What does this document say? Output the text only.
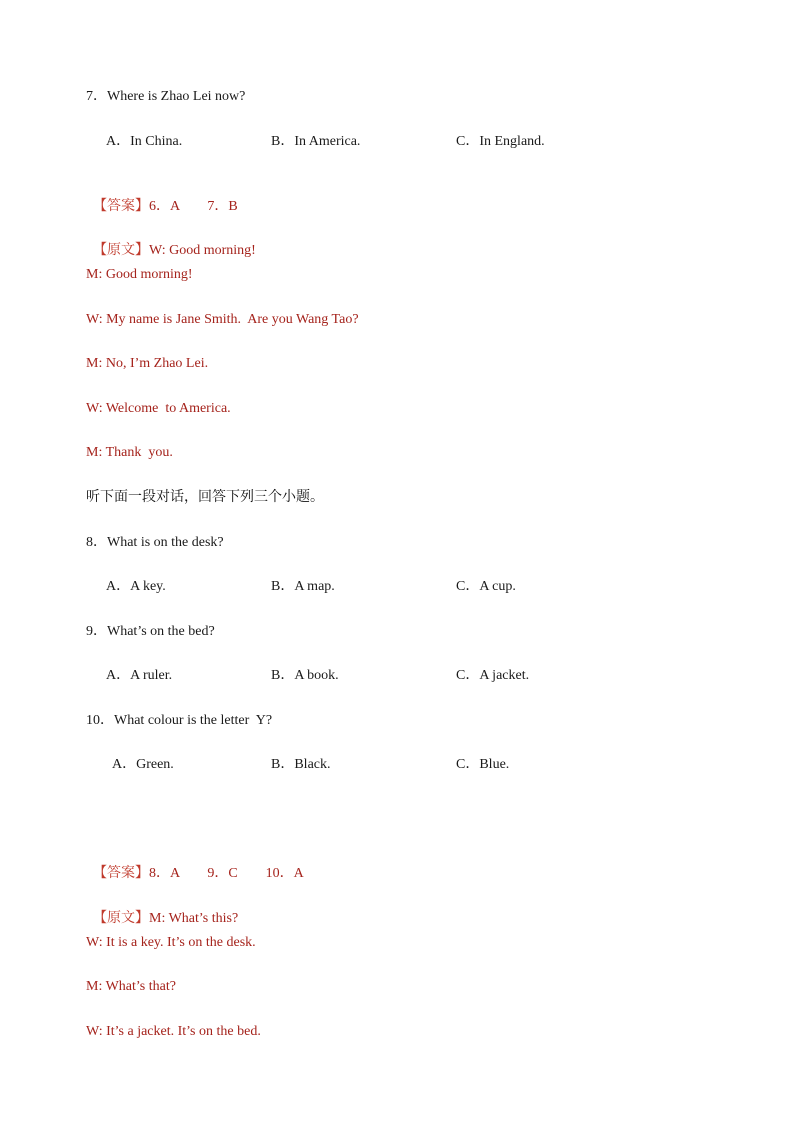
7．Where is Zhao Lei now?
A．In China.	B．In America.	C．In England.

【答案】6．A　　7．B

【原文】W: Good morning!

M: Good morning!
W: My name is Jane Smith.  Are you Wang Tao?
M: No, I’m Zhao Lei.
W: Welcome  to America.
M: Thank  you.
听下面一段对话，回答下列三个小题。
8．What is on the desk?
A．A key.	B．A map.	C．A cup.
9．What’s on the bed?
A．A ruler.	B．A book.	C．A jacket.
10．What colour is the letter  Y?
A．Green.	B．Black.	C．Blue.

【答案】8．A　　9．C　　10．A

【原文】M: What’s this?

W: It is a key. It’s on the desk.
M: What’s that?
W: It’s a jacket. It’s on the bed.
